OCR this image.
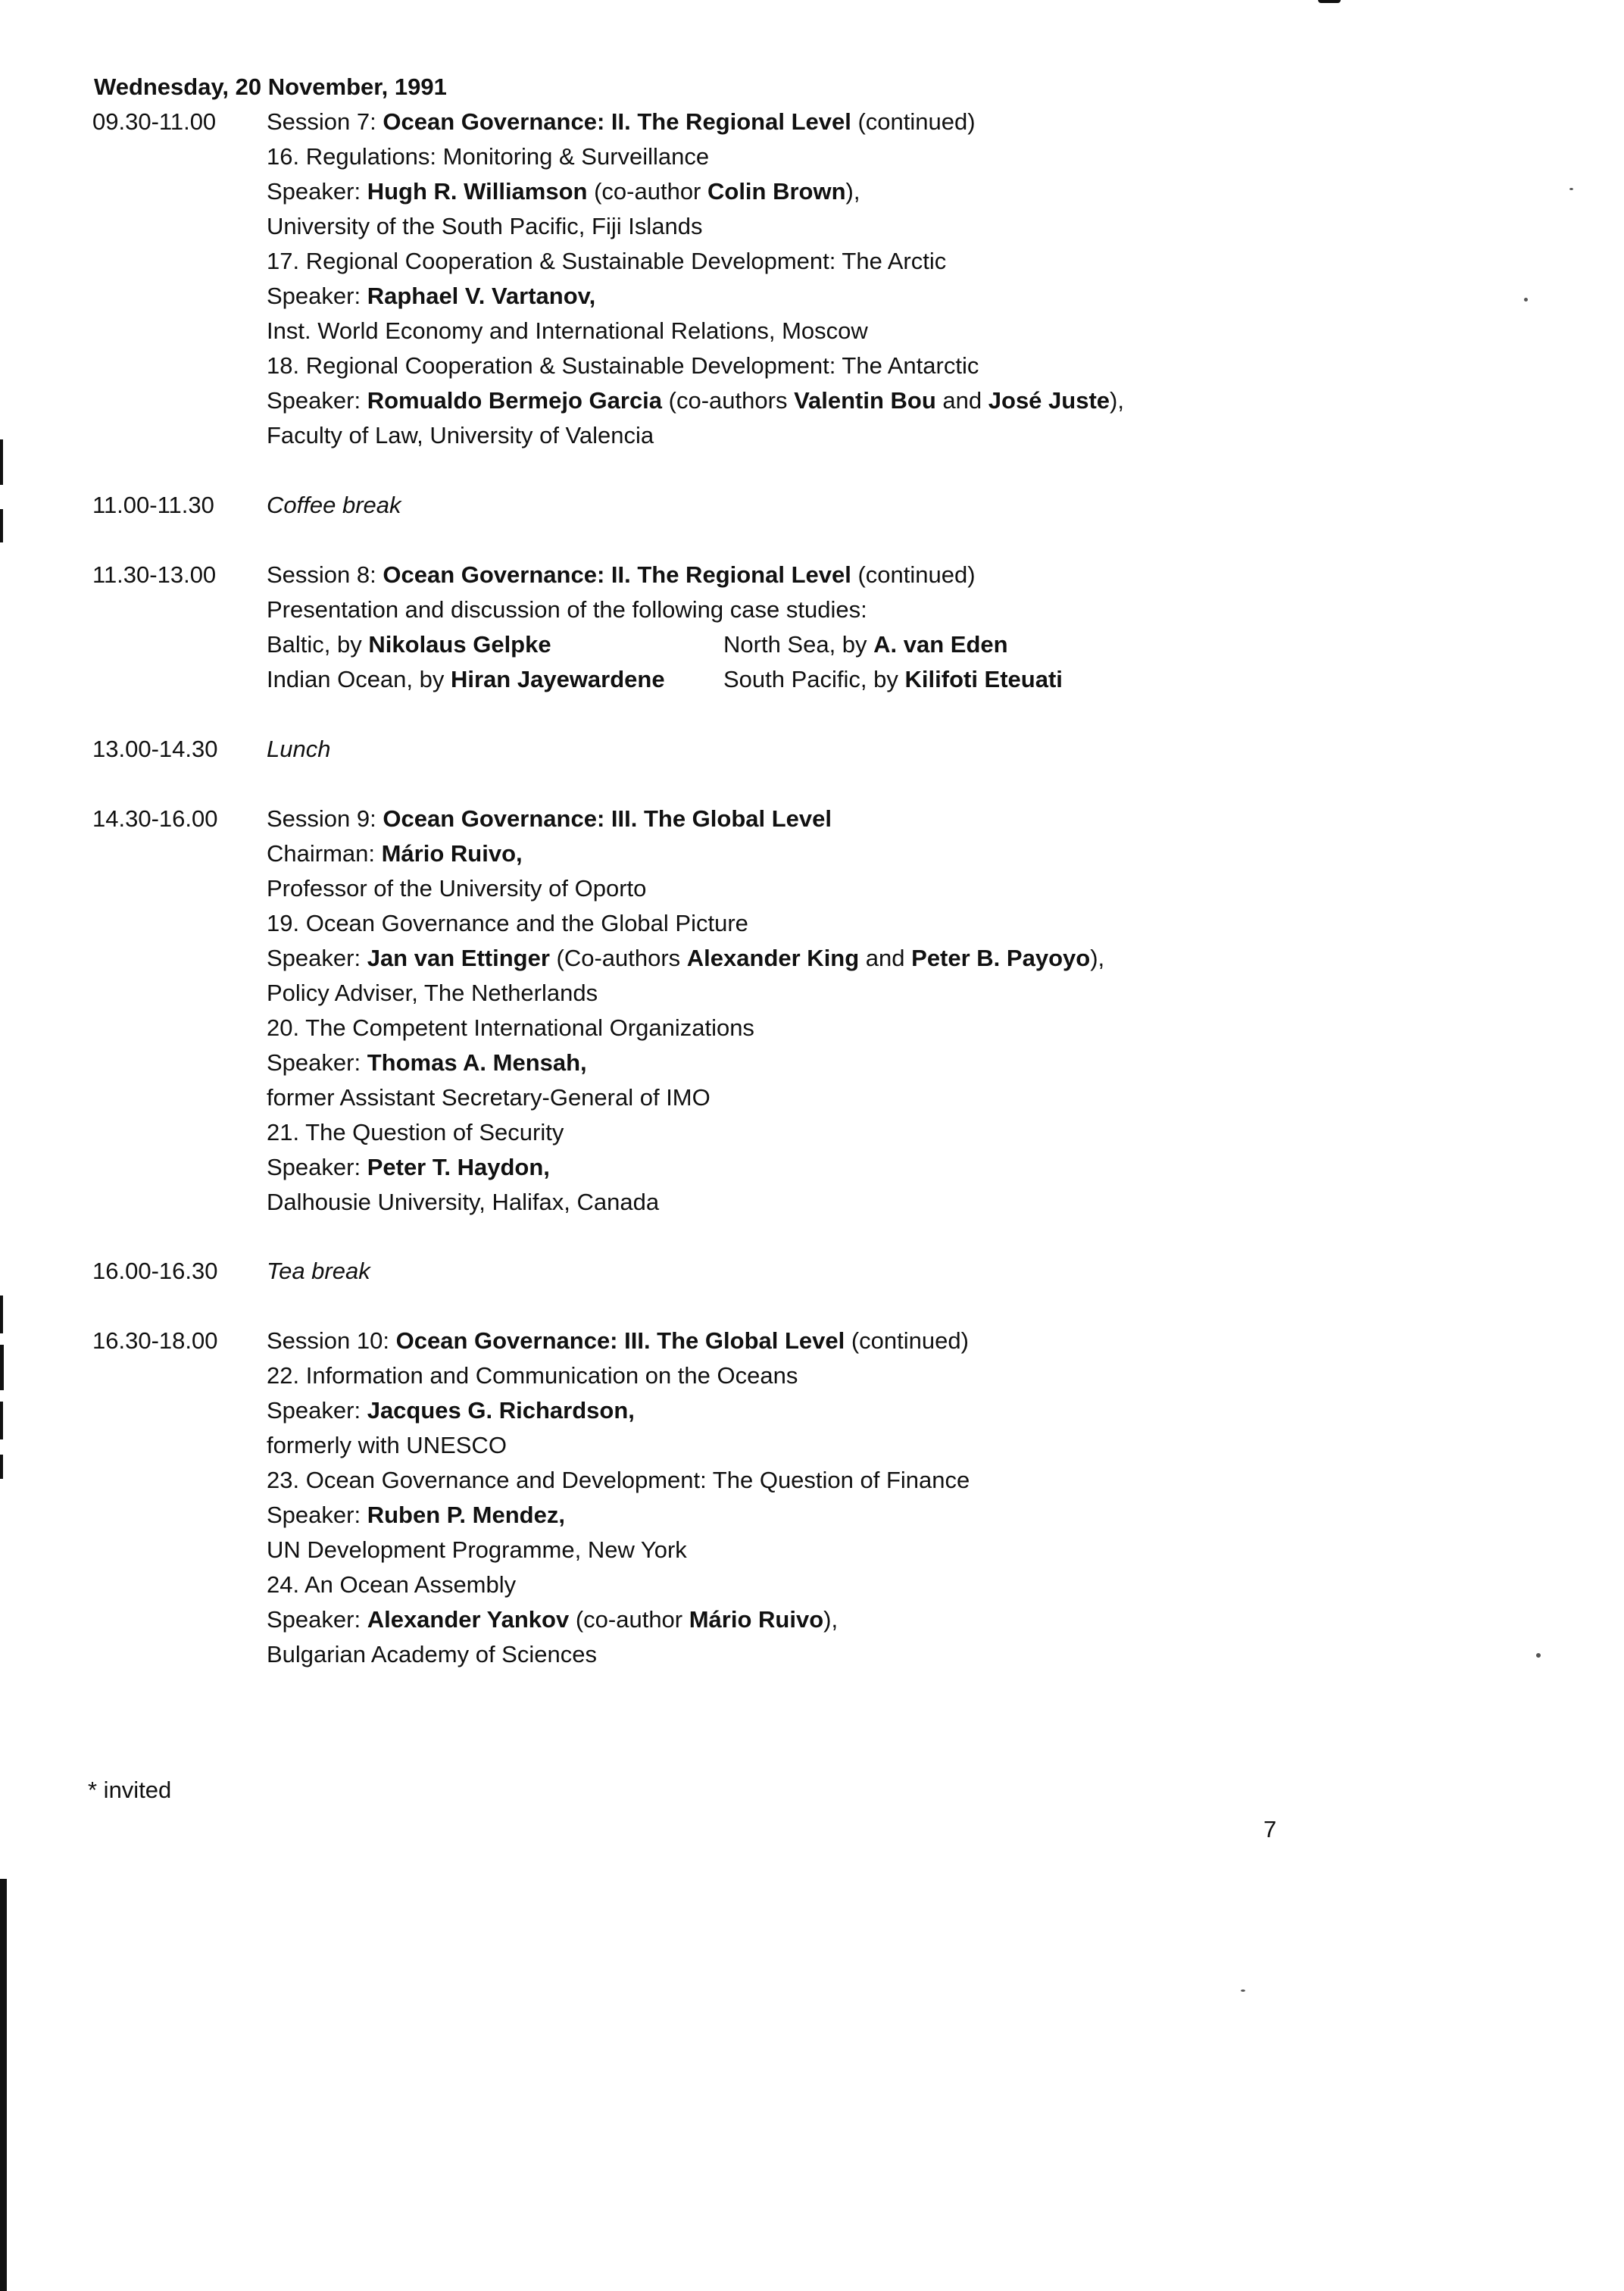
Wednesday, 20 November, 1991
09.30-11.00 Session 7: Ocean Governance: II. The Regional Level (continued)
16. Regulations: Monitoring & Surveillance
Speaker: Hugh R. Williamson (co-author Colin Brown),
University of the South Pacific, Fiji Islands
17. Regional Cooperation & Sustainable Development: The Arctic
Speaker: Raphael V. Vartanov,
Inst. World Economy and International Relations, Moscow
18. Regional Cooperation & Sustainable Development: The Antarctic
Speaker: Romualdo Bermejo Garcia (co-authors Valentin Bou and José Juste),
Faculty of Law, University of Valencia
11.00-11.30 Coffee break
11.30-13.00 Session 8: Ocean Governance: II. The Regional Level (continued)
Presentation and discussion of the following case studies:
Baltic, by Nikolaus Gelpke	North Sea, by A. van Eden
Indian Ocean, by Hiran Jayewardene South Pacific, by Kilifoti Eteuati
13.00-14.30 Lunch
14.30-16.00 Session 9: Ocean Governance: III. The Global Level
Chairman: Mário Ruivo,
Professor of the University of Oporto
19. Ocean Governance and the Global Picture
Speaker: Jan van Ettinger (Co-authors Alexander King and Peter B. Payoyo),
Policy Adviser, The Netherlands
20. The Competent International Organizations
Speaker: Thomas A. Mensah,
former Assistant Secretary-General of IMO
21. The Question of Security
Speaker: Peter T. Haydon,
Dalhousie University, Halifax, Canada
16.00-16.30 Tea break
16.30-18.00 Session 10: Ocean Governance: III. The Global Level (continued)
22. Information and Communication on the Oceans
Speaker: Jacques G. Richardson,
formerly with UNESCO
23. Ocean Governance and Development: The Question of Finance
Speaker: Ruben P. Mendez,
UN Development Programme, New York
24. An Ocean Assembly
Speaker: Alexander Yankov (co-author Mário Ruivo),
Bulgarian Academy of Sciences
* invited
7
